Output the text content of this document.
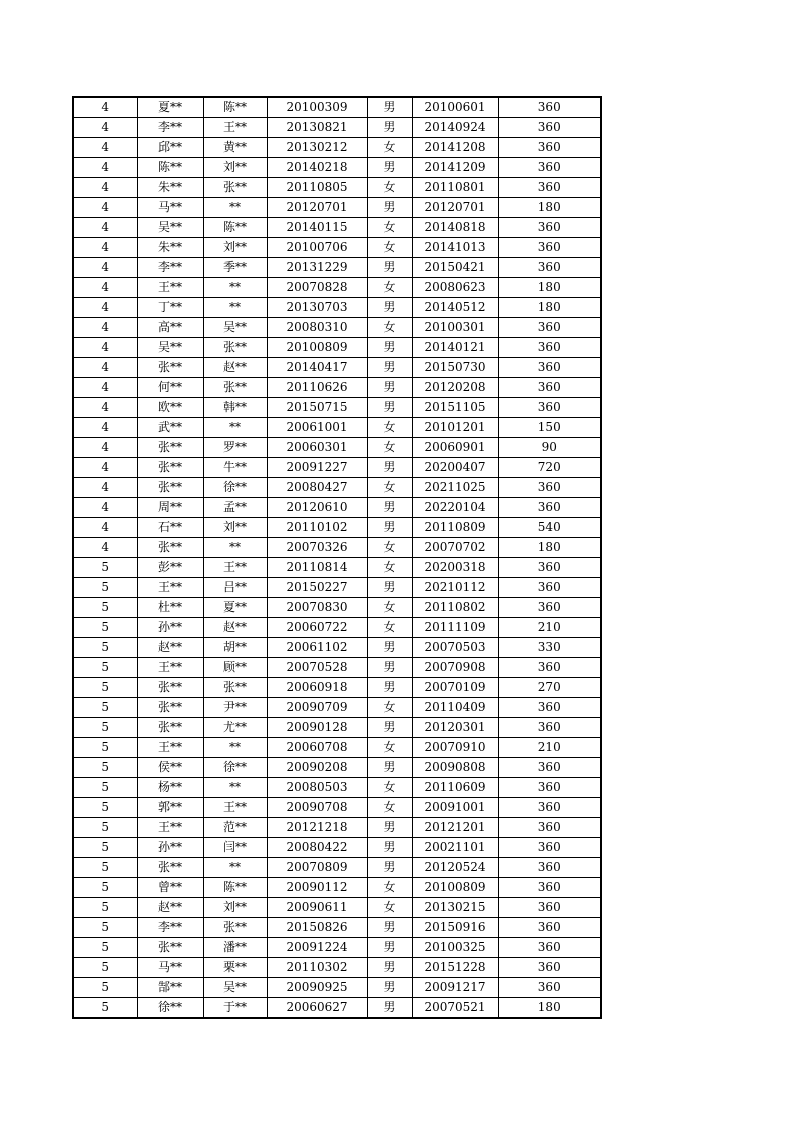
4	夏**	陈**	20100309	男	20100601	360
4	李**	王**	20130821	男	20140924	360
4	邱**	黄**	20130212	女	20141208	360
4	陈**	刘**	20140218	男	20141209	360
4	朱**	张**	20110805	女	20110801	360
4	马**	**	20120701	男	20120701	180
4	吴**	陈**	20140115	女	20140818	360
4	朱**	刘**	20100706	女	20141013	360
4	李**	季**	20131229	男	20150421	360
4	王**	**	20070828	女	20080623	180
4	丁**	**	20130703	男	20140512	180
4	高**	吴**	20080310	女	20100301	360
4	吴**	张**	20100809	男	20140121	360
4	张**	赵**	20140417	男	20150730	360
4	何**	张**	20110626	男	20120208	360
4	欧**	韩**	20150715	男	20151105	360
4	武**	**	20061001	女	20101201	150
4	张**	罗**	20060301	女	20060901	90
4	张**	牛**	20091227	男	20200407	720
4	张**	徐**	20080427	女	20211025	360
4	周**	孟**	20120610	男	20220104	360
4	石**	刘**	20110102	男	20110809	540
4	张**	**	20070326	女	20070702	180
5	彭**	王**	20110814	女	20200318	360
5	王**	吕**	20150227	男	20210112	360
5	杜**	夏**	20070830	女	20110802	360
5	孙**	赵**	20060722	女	20111109	210
5	赵**	胡**	20061102	男	20070503	330
5	王**	顾**	20070528	男	20070908	360
5	张**	张**	20060918	男	20070109	270
5	张**	尹**	20090709	女	20110409	360
5	张**	尤**	20090128	男	20120301	360
5	王**	**	20060708	女	20070910	210
5	侯**	徐**	20090208	男	20090808	360
5	杨**	**	20080503	女	20110609	360
5	郭**	王**	20090708	女	20091001	360
5	王**	范**	20121218	男	20121201	360
5	孙**	闫**	20080422	男	20021101	360
5	张**	**	20070809	男	20120524	360
5	曾**	陈**	20090112	女	20100809	360
5	赵**	刘**	20090611	女	20130215	360
5	李**	张**	20150826	男	20150916	360
5	张**	潘**	20091224	男	20100325	360
5	马**	栗**	20110302	男	20151228	360
5	郜**	吴**	20090925	男	20091217	360
5	徐**	于**	20060627	男	20070521	180
